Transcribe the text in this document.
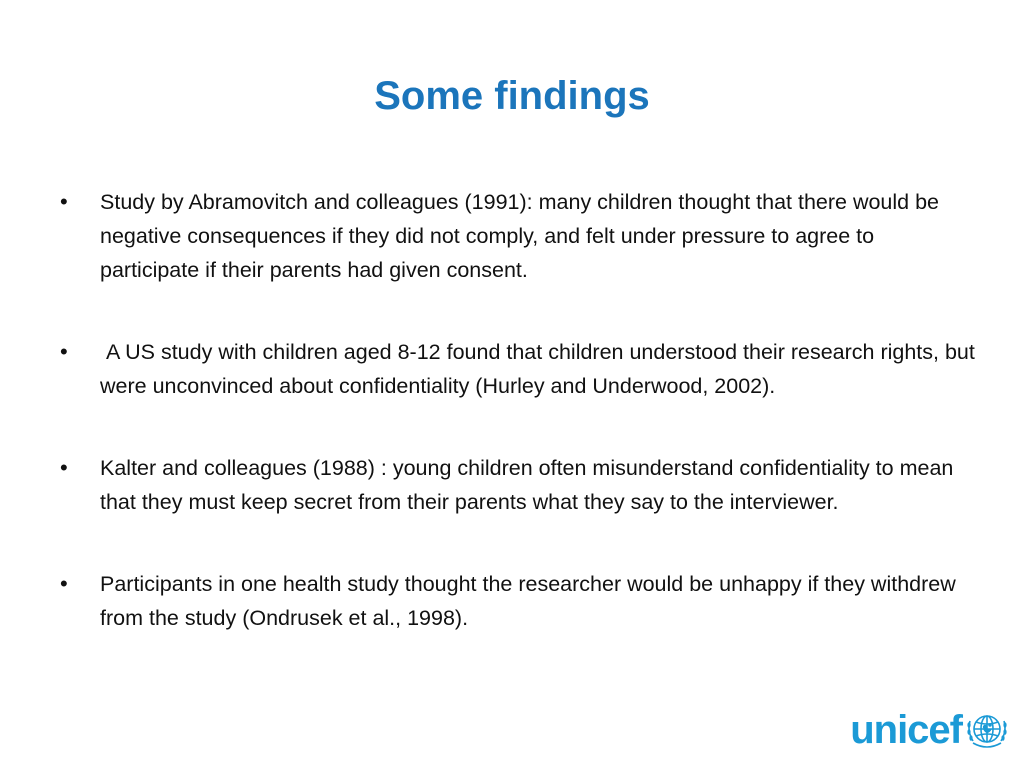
Some findings
•	Study by Abramovitch and colleagues (1991): many children thought that there would be negative consequences if they did not comply, and felt under pressure to agree to participate if their parents had given consent.
•	A US study with children aged 8-12 found that children understood their research rights, but were unconvinced about confidentiality (Hurley and Underwood, 2002).
•	Kalter and colleagues (1988) : young children often misunderstand confidentiality to mean that they must keep secret from their parents what they say to the interviewer.
•	Participants in one health study thought the researcher would be unhappy if they withdrew from the study (Ondrusek et al., 1998).
unicef
